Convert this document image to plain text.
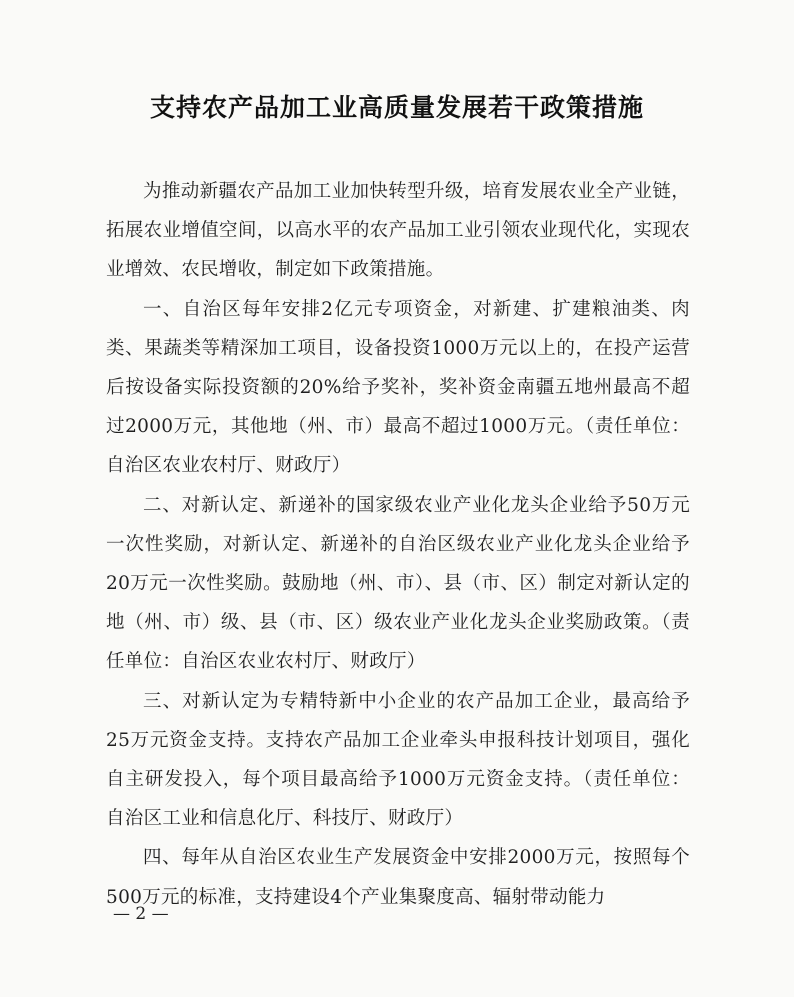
支持农产品加工业高质量发展若干政策措施

为推动新疆农产品加工业加快转型升级，培育发展农业全产业链，拓展农业增值空间，以高水平的农产品加工业引领农业现代化，实现农业增效、农民增收，制定如下政策措施。

一、自治区每年安排2亿元专项资金，对新建、扩建粮油类、肉类、果蔬类等精深加工项目，设备投资1000万元以上的，在投产运营后按设备实际投资额的20%给予奖补，奖补资金南疆五地州最高不超过2000万元，其他地（州、市）最高不超过1000万元。（责任单位：自治区农业农村厅、财政厅）

二、对新认定、新递补的国家级农业产业化龙头企业给予50万元一次性奖励，对新认定、新递补的自治区级农业产业化龙头企业给予20万元一次性奖励。鼓励地（州、市）、县（市、区）制定对新认定的地（州、市）级、县（市、区）级农业产业化龙头企业奖励政策。（责任单位：自治区农业农村厅、财政厅）

三、对新认定为专精特新中小企业的农产品加工企业，最高给予25万元资金支持。支持农产品加工企业牵头申报科技计划项目，强化自主研发投入，每个项目最高给予1000万元资金支持。（责任单位：自治区工业和信息化厅、科技厅、财政厅）

四、每年从自治区农业生产发展资金中安排2000万元，按照每个500万元的标准，支持建设4个产业集聚度高、辐射带动能力

— 2 —
